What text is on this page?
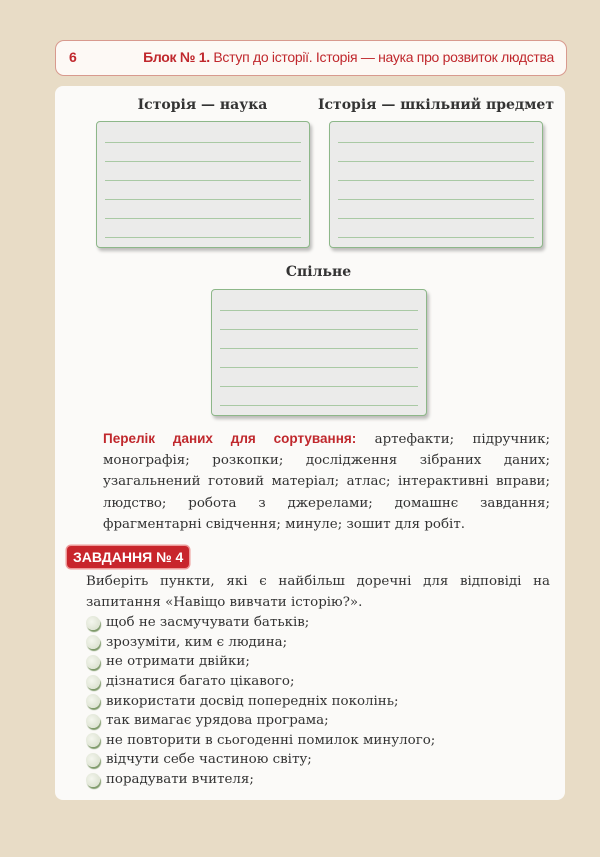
6	Блок № 1. Вступ до історії. Історія — наука про розвиток людства
Історія — наука	Історія — шкільний предмет
Спільне
Перелік даних для сортування: артефакти; підручник; монографія; розкопки; дослідження зібраних даних; узагальнений готовий матеріал; атлас; інтерактивні вправи; людство; робота з джерелами; домашнє завдання; фрагментарні свідчення; минуле; зошит для робіт.
ЗАВДАННЯ № 4
Виберіть пункти, які є найбільш доречні для відповіді на запитання «Навіщо вивчати історію?».
щоб не засмучувати батьків;
зрозуміти, ким є людина;
не отримати двійки;
дізнатися багато цікавого;
використати досвід попередніх поколінь;
так вимагає урядова програма;
не повторити в сьогоденні помилок минулого;
відчути себе частиною світу;
порадувати вчителя;
